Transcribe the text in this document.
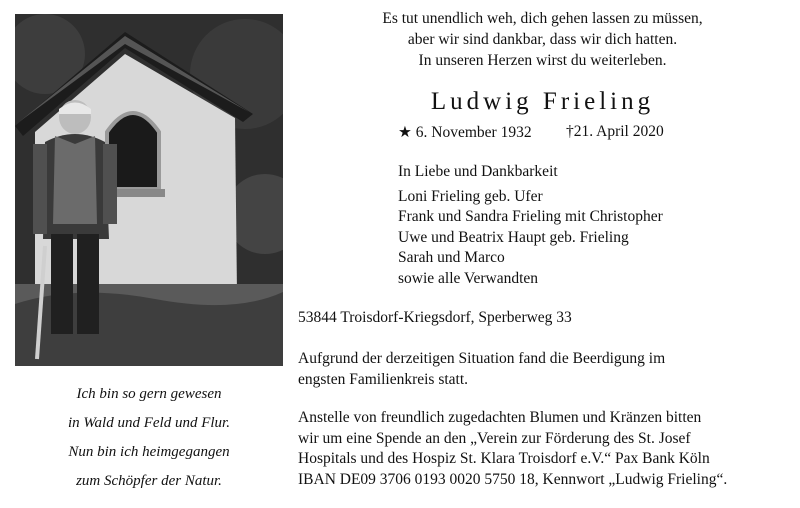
Ich bin so gern gewesen
in Wald und Feld und Flur.
Nun bin ich heimgegangen
zum Schöpfer der Natur.
Es tut unendlich weh, dich gehen lassen zu müssen,
aber wir sind dankbar, dass wir dich hatten.
In unseren Herzen wirst du weiterleben.
Ludwig Frieling
★ 6. November 1932 †21. April 2020
In Liebe und Dankbarkeit
Loni Frieling geb. Ufer
Frank und Sandra Frieling mit Christopher
Uwe und Beatrix Haupt geb. Frieling
Sarah und Marco
sowie alle Verwandten
53844 Troisdorf-Kriegsdorf, Sperberweg 33
Aufgrund der derzeitigen Situation fand die Beerdigung im
engsten Familienkreis statt.
Anstelle von freundlich zugedachten Blumen und Kränzen bitten
wir um eine Spende an den „Verein zur Förderung des St. Josef
Hospitals und des Hospiz St. Klara Troisdorf e.V.“ Pax Bank Köln
IBAN DE09 3706 0193 0020 5750 18, Kennwort „Ludwig Frieling“.
